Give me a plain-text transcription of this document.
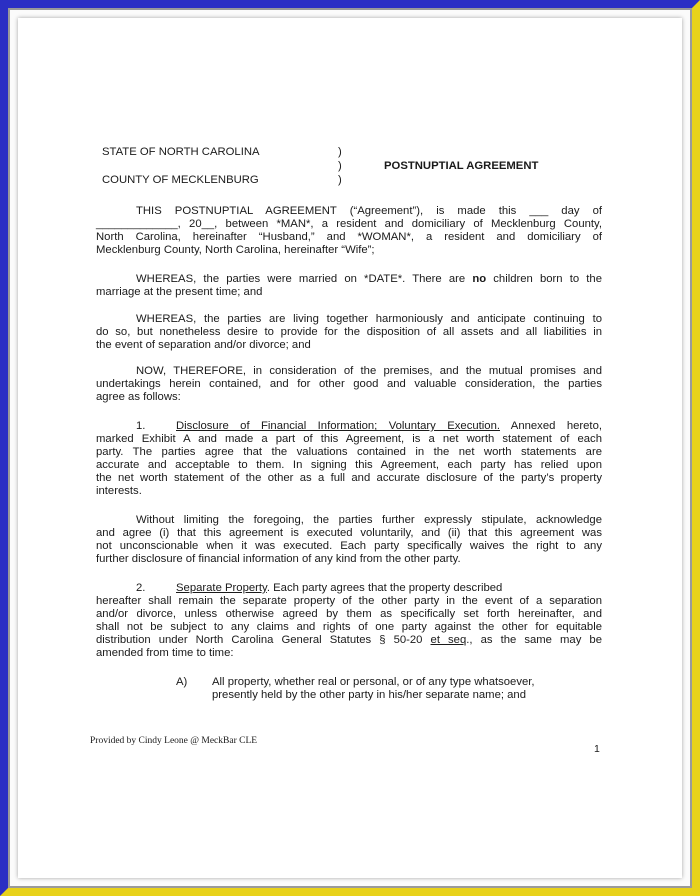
STATE OF NORTH CAROLINA	)
)
)
COUNTY OF MECKLENBURG
POSTNUPTIAL AGREEMENT
THIS POSTNUPTIAL AGREEMENT (“Agreement”), is made this ___ day of
_____________, 20__, between *MAN*, a resident and domiciliary of Mecklenburg County,
North Carolina, hereinafter “Husband,” and *WOMAN*, a resident and domiciliary of
Mecklenburg County, North Carolina, hereinafter “Wife”;
WHEREAS, the parties were married on *DATE*. There are no children born to the
marriage at the present time; and
WHEREAS, the parties are living together harmoniously and anticipate continuing to
do so, but nonetheless desire to provide for the disposition of all assets and all liabilities in
the event of separation and/or divorce; and
NOW, THEREFORE, in consideration of the premises, and the mutual promises and
undertakings herein contained, and for other good and valuable consideration, the parties
agree as follows:
1.	Disclosure of Financial Information; Voluntary Execution. Annexed hereto,
marked Exhibit A and made a part of this Agreement, is a net worth statement of each
party. The parties agree that the valuations contained in the net worth statements are
accurate and acceptable to them. In signing this Agreement, each party has relied upon
the net worth statement of the other as a full and accurate disclosure of the party’s property
interests.
Without limiting the foregoing, the parties further expressly stipulate, acknowledge
and agree (i) that this agreement is executed voluntarily, and (ii) that this agreement was
not unconscionable when it was executed. Each party specifically waives the right to any
further disclosure of financial information of any kind from the other party.
2.	Separate Property. Each party agrees that the property described
hereafter shall remain the separate property of the other party in the event of a separation
and/or divorce, unless otherwise agreed by them as specifically set forth hereinafter, and
shall not be subject to any claims and rights of one party against the other for equitable
distribution under North Carolina General Statutes § 50-20 et seq., as the same may be
amended from time to time:
A) All property, whether real or personal, or of any type whatsoever,
presently held by the other party in his/her separate name; and
Provided by Cindy Leone @ MeckBar CLE
1
